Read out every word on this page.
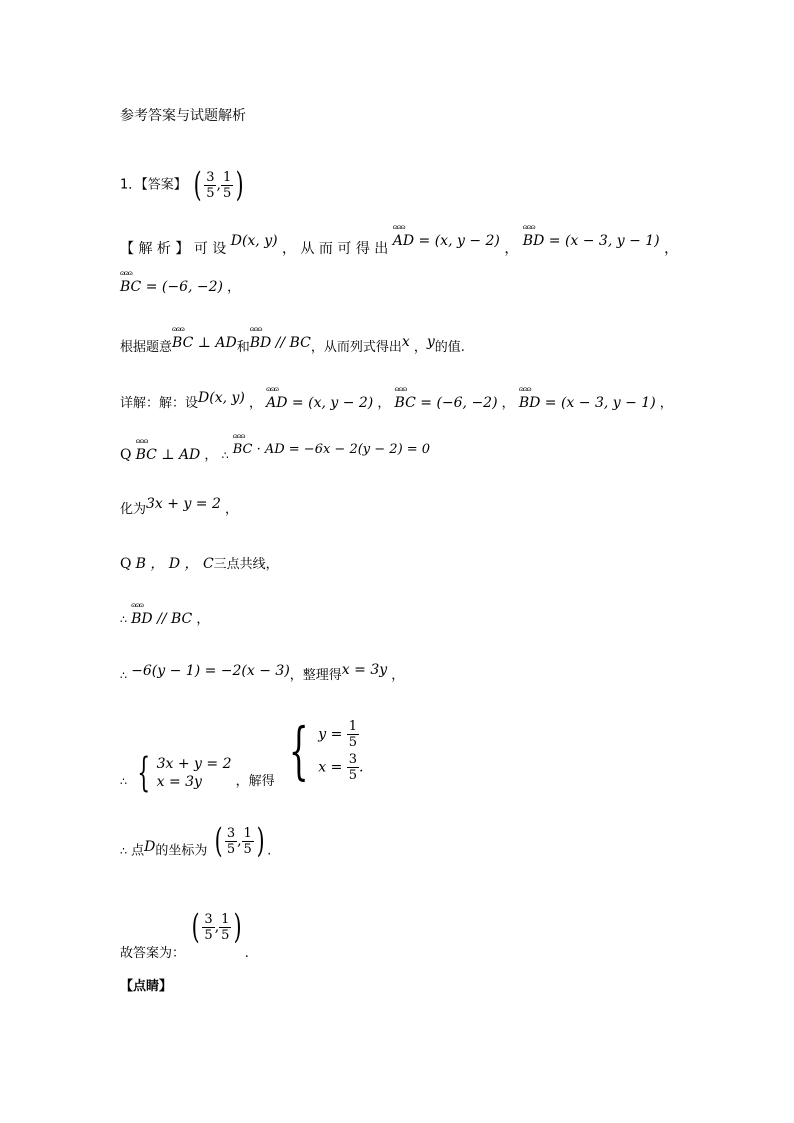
参考答案与试题解析
1．【答案】 ( $\frac{3}{5}$ , $\frac{1}{5}$ )
【 解 析 】 可 设 D(x, y) ， 从 而 可 得 出 ɷɷɷ AD = (x, y − 2) ， ɷɷɷ BD = (x − 3, y − 1) ，
ɷɷɷ BC = (−6, −2) ，
根据题意ɷɷɷ BC ⊥ AD和ɷɷɷ BD // BC，从而列式得出x ，y的值.
详解：解：设D(x, y) ， ɷɷɷ AD = (x, y − 2) ， ɷɷɷ BC = (−6, −2) ， ɷɷɷ BD = (x − 3, y − 1) ，
Q ɷɷɷ BC ⊥ AD ， ∴ ɷɷɷ BC · AD = −6x − 2(y − 2) = 0
化为3x + y = 2 ，
Q B ， D ， C三点共线，
∴ ɷɷɷ BD // BC ，
∴ −6(y − 1) = −2(x − 3)，整理得x = 3y ，
$_\therefore$ { 3x + y = 2
x = 3y	，解得 { $y = \frac{1}{5}$
$x = \frac{3}{5}$ .
∴ 点D的坐标为 ( $\frac{3}{5}$ , $\frac{1}{5}$ ) .
故答案为：
( $\frac{3}{5}$ , $\frac{1}{5}$ )
.
【点睛】
